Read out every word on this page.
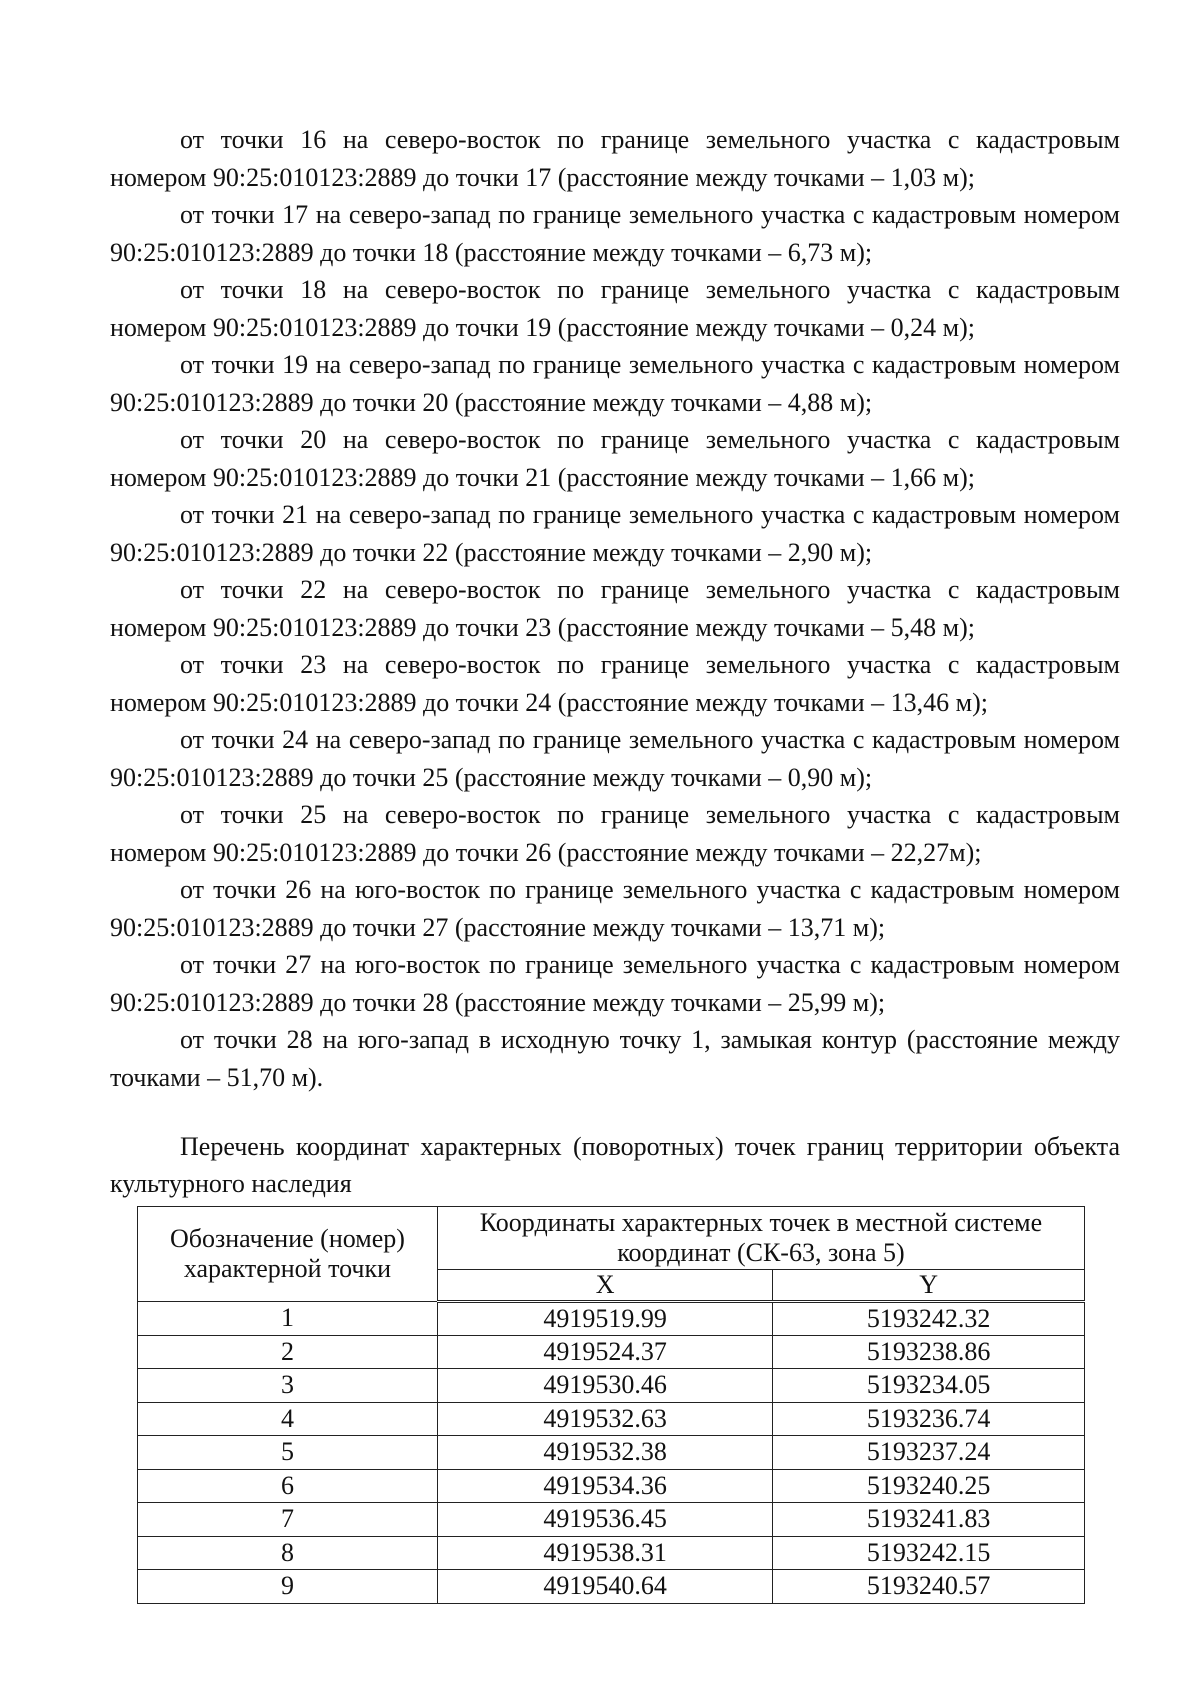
от точки 16 на северо-восток по границе земельного участка с кадастровым номером 90:25:010123:2889 до точки 17 (расстояние между точками – 1,03 м);

от точки 17 на северо-запад по границе земельного участка с кадастровым номером 90:25:010123:2889 до точки 18 (расстояние между точками – 6,73 м);

от точки 18 на северо-восток по границе земельного участка с кадастровым номером 90:25:010123:2889 до точки 19 (расстояние между точками – 0,24 м);

от точки 19 на северо-запад по границе земельного участка с кадастровым номером 90:25:010123:2889 до точки 20 (расстояние между точками – 4,88 м);

от точки 20 на северо-восток по границе земельного участка с кадастровым номером 90:25:010123:2889 до точки 21 (расстояние между точками – 1,66 м);

от точки 21 на северо-запад по границе земельного участка с кадастровым номером 90:25:010123:2889 до точки 22 (расстояние между точками – 2,90 м);

от точки 22 на северо-восток по границе земельного участка с кадастровым номером 90:25:010123:2889 до точки 23 (расстояние между точками – 5,48 м);

от точки 23 на северо-восток по границе земельного участка с кадастровым номером 90:25:010123:2889 до точки 24 (расстояние между точками – 13,46 м);

от точки 24 на северо-запад по границе земельного участка с кадастровым номером 90:25:010123:2889 до точки 25 (расстояние между точками – 0,90 м);

от точки 25 на северо-восток по границе земельного участка с кадастровым номером 90:25:010123:2889 до точки 26 (расстояние между точками – 22,27м);

от точки 26 на юго-восток по границе земельного участка с кадастровым номером 90:25:010123:2889 до точки 27 (расстояние между точками – 13,71 м);

от точки 27 на юго-восток по границе земельного участка с кадастровым номером 90:25:010123:2889 до точки 28 (расстояние между точками – 25,99 м);

от точки 28 на юго-запад в исходную точку 1, замыкая контур (расстояние между точками – 51,70 м).

Перечень координат характерных (поворотных) точек границ территории объекта культурного наследия

Обозначение (номер) характерной точки	Координаты характерных точек в местной системе координат (СК-63, зона 5)	
	X	Y
1	4919519.99	5193242.32
2	4919524.37	5193238.86
3	4919530.46	5193234.05
4	4919532.63	5193236.74
5	4919532.38	5193237.24
6	4919534.36	5193240.25
7	4919536.45	5193241.83
8	4919538.31	5193242.15
9	4919540.64	5193240.57
